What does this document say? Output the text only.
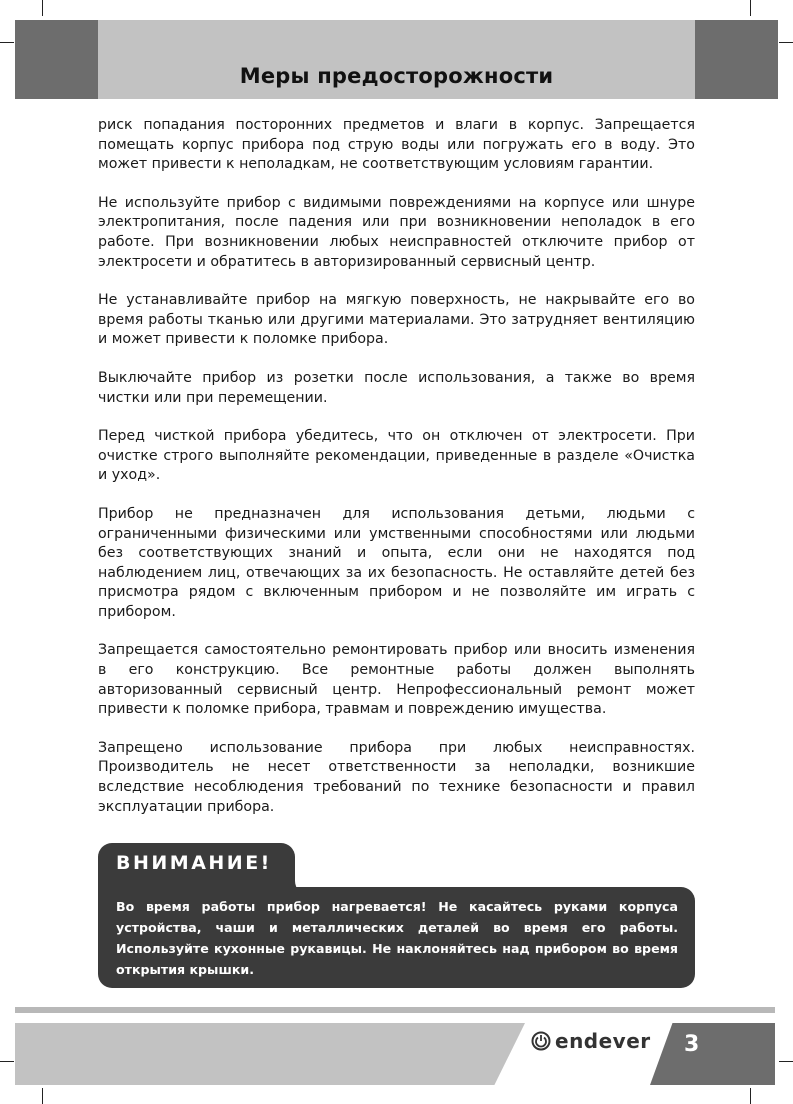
Меры предосторожности

риск попадания посторонних предметов и влаги в корпус. Запрещается помещать корпус прибора под струю воды или погружать его в воду. Это может привести к неполадкам, не соответствующим условиям гарантии.

Не используйте прибор с видимыми повреждениями на корпусе или шнуре электропитания, после падения или при возникновении неполадок в его работе. При возникновении любых неисправностей отключите прибор от электросети и обратитесь в авторизированный сервисный центр.

Не устанавливайте прибор на мягкую поверхность, не накрывайте его во время работы тканью или другими материалами. Это затрудняет вентиляцию и может привести к поломке прибора.

Выключайте прибор из розетки после использования, а также во время чистки или при перемещении.

Перед чисткой прибора убедитесь, что он отключен от электросети. При очистке строго выполняйте рекомендации, приведенные в разделе «Очистка и уход».

Прибор не предназначен для использования детьми, людьми с ограниченными физическими или умственными способностями или людьми без соответствующих знаний и опыта, если они не находятся под наблюдением лиц, отвечающих за их безопасность. Не оставляйте детей без присмотра рядом с включенным прибором и не позволяйте им играть с прибором.

Запрещается самостоятельно ремонтировать прибор или вносить изменения в его конструкцию. Все ремонтные работы должен выполнять авторизованный сервисный центр. Непрофессиональный ремонт может привести к поломке прибора, травмам и повреждению имущества.

Запрещено использование прибора при любых неисправностях. Производитель не несет ответственности за неполадки, возникшие вследствие несоблюдения требований по технике безопасности и правил эксплуатации прибора.

ВНИМАНИЕ!
Во время работы прибор нагревается! Не касайтесь руками корпуса устройства, чаши и металлических деталей во время его работы. Используйте кухонные рукавицы. Не наклоняйтесь над прибором во время открытия крышки.
endever 3
